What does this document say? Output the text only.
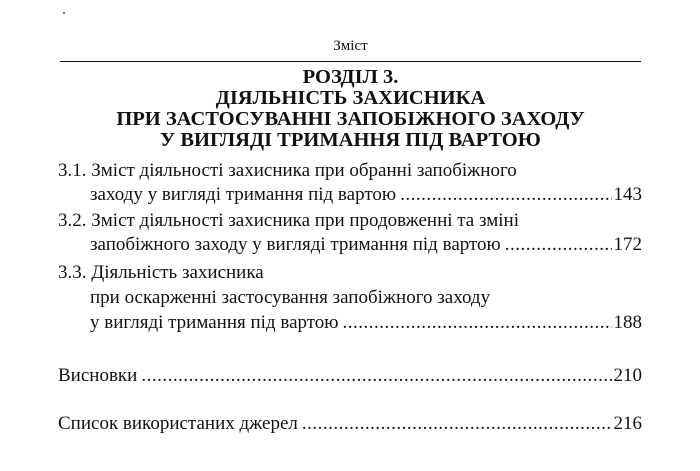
Зміст
РОЗДІЛ 3.
ДІЯЛЬНІСТЬ ЗАХИСНИКА
ПРИ ЗАСТОСУВАННІ ЗАПОБІЖНОГО ЗАХОДУ
У ВИГЛЯДІ ТРИМАННЯ ПІД ВАРТОЮ
3.1. Зміст діяльності захисника при обранні запобіжного
заходу у вигляді тримання під вартою .....	143
3.2. Зміст діяльності захисника при продовженні та зміні
запобіжного заходу у вигляді тримання під вартою .....	172
3.3. Діяльність захисника
при оскарженні застосування запобіжного заходу
у вигляді тримання під вартою .....	188
Висновки .....	210
Список використаних джерел .....	216
